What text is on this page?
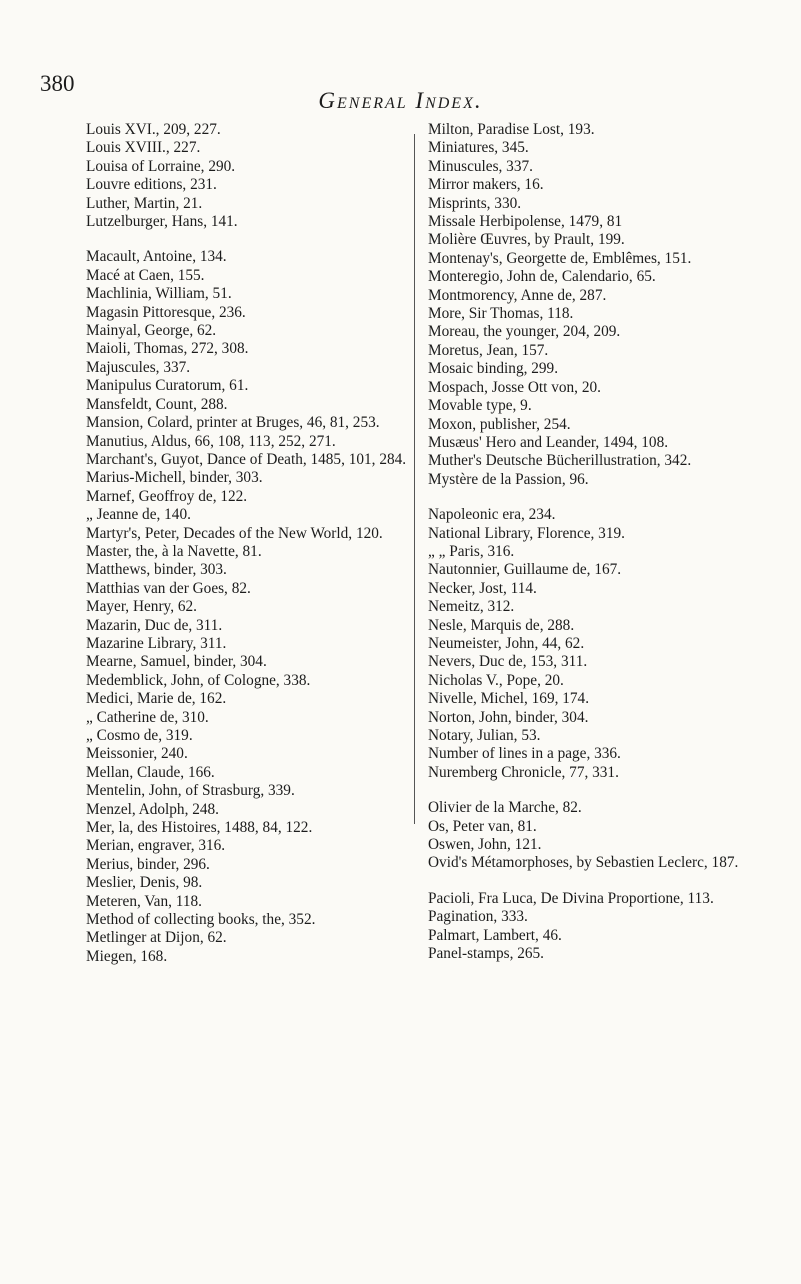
380
General Index.
Louis XVI., 209, 227.
Louis XVIII., 227.
Louisa of Lorraine, 290.
Louvre editions, 231.
Luther, Martin, 21.
Lutzelburger, Hans, 141.
Macault, Antoine, 134.
Macé at Caen, 155.
Machlinia, William, 51.
Magasin Pittoresque, 236.
Mainyal, George, 62.
Maioli, Thomas, 272, 308.
Majuscules, 337.
Manipulus Curatorum, 61.
Mansfeldt, Count, 288.
Mansion, Colard, printer at Bruges, 46, 81, 253.
Manutius, Aldus, 66, 108, 113, 252, 271.
Marchant's, Guyot, Dance of Death, 1485, 101, 284.
Marius-Michell, binder, 303.
Marnef, Geoffroy de, 122.
„ Jeanne de, 140.
Martyr's, Peter, Decades of the New World, 120.
Master, the, à la Navette, 81.
Matthews, binder, 303.
Matthias van der Goes, 82.
Mayer, Henry, 62.
Mazarin, Duc de, 311.
Mazarine Library, 311.
Mearne, Samuel, binder, 304.
Medemblick, John, of Cologne, 338.
Medici, Marie de, 162.
„ Catherine de, 310.
„ Cosmo de, 319.
Meissonier, 240.
Mellan, Claude, 166.
Mentelin, John, of Strasburg, 339.
Menzel, Adolph, 248.
Mer, la, des Histoires, 1488, 84, 122.
Merian, engraver, 316.
Merius, binder, 296.
Meslier, Denis, 98.
Meteren, Van, 118.
Method of collecting books, the, 352.
Metlinger at Dijon, 62.
Miegen, 168.
Milton, Paradise Lost, 193.
Miniatures, 345.
Minuscules, 337.
Mirror makers, 16.
Misprints, 330.
Missale Herbipolense, 1479, 81
Molière Œuvres, by Prault, 199.
Montenay's, Georgette de, Emblêmes, 151.
Monteregio, John de, Calendario, 65.
Montmorency, Anne de, 287.
More, Sir Thomas, 118.
Moreau, the younger, 204, 209.
Moretus, Jean, 157.
Mosaic binding, 299.
Mospach, Josse Ott von, 20.
Movable type, 9.
Moxon, publisher, 254.
Musæus' Hero and Leander, 1494, 108.
Muther's Deutsche Bücherillustration, 342.
Mystère de la Passion, 96.
Napoleonic era, 234.
National Library, Florence, 319.
„ „ Paris, 316.
Nautonnier, Guillaume de, 167.
Necker, Jost, 114.
Nemeitz, 312.
Nesle, Marquis de, 288.
Neumeister, John, 44, 62.
Nevers, Duc de, 153, 311.
Nicholas V., Pope, 20.
Nivelle, Michel, 169, 174.
Norton, John, binder, 304.
Notary, Julian, 53.
Number of lines in a page, 336.
Nuremberg Chronicle, 77, 331.
Olivier de la Marche, 82.
Os, Peter van, 81.
Oswen, John, 121.
Ovid's Métamorphoses, by Sebastien Leclerc, 187.
Pacioli, Fra Luca, De Divina Proportione, 113.
Pagination, 333.
Palmart, Lambert, 46.
Panel-stamps, 265.
